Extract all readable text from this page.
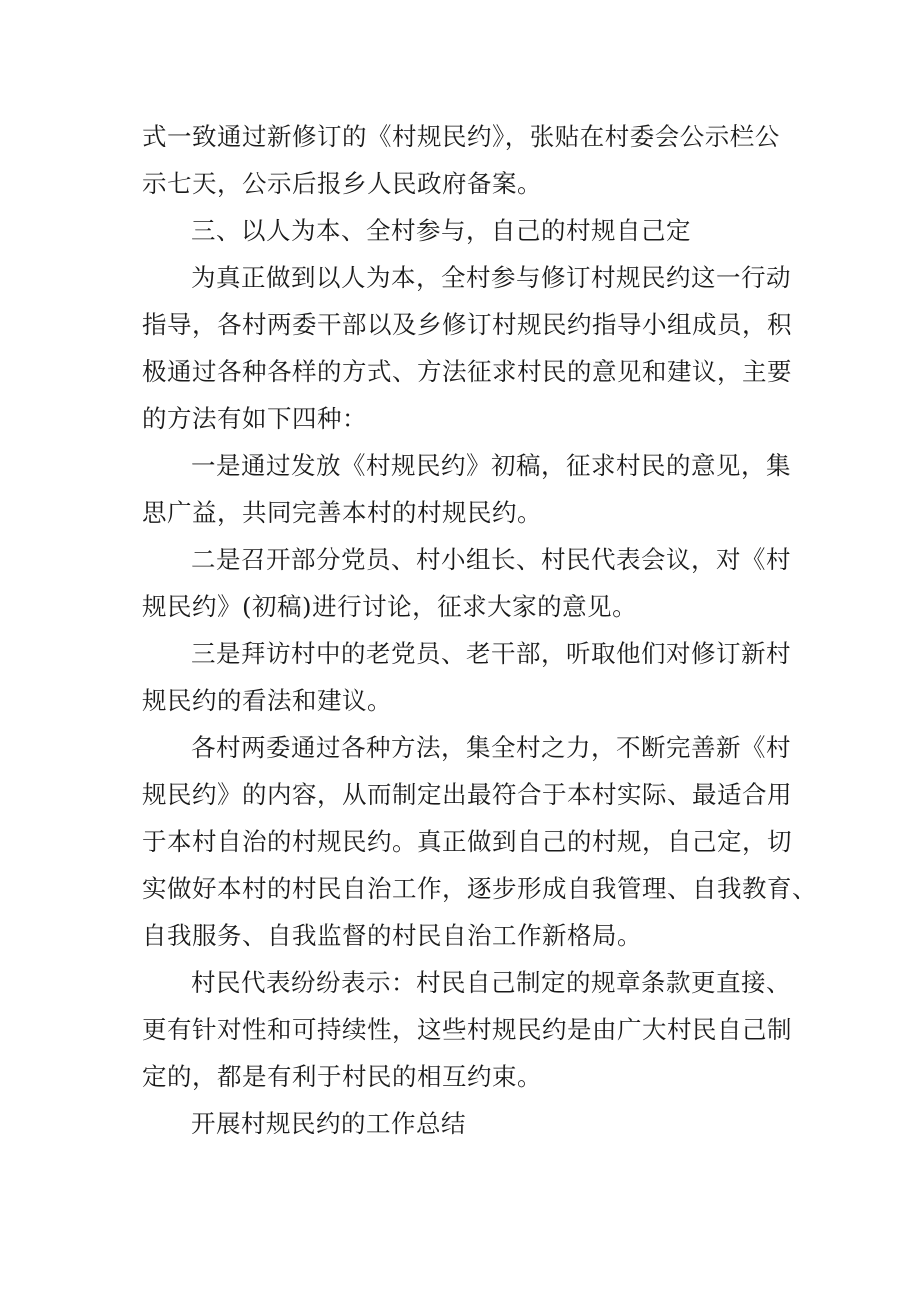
式一致通过新修订的《村规民约》，张贴在村委会公示栏公
示七天，公示后报乡人民政府备案。

三、以人为本、全村参与，自己的村规自己定

为真正做到以人为本，全村参与修订村规民约这一行动
指导，各村两委干部以及乡修订村规民约指导小组成员，积
极通过各种各样的方式、方法征求村民的意见和建议，主要
的方法有如下四种：

一是通过发放《村规民约》初稿，征求村民的意见，集
思广益，共同完善本村的村规民约。

二是召开部分党员、村小组长、村民代表会议，对《村
规民约》(初稿)进行讨论，征求大家的意见。

三是拜访村中的老党员、老干部，听取他们对修订新村
规民约的看法和建议。

各村两委通过各种方法，集全村之力，不断完善新《村
规民约》的内容，从而制定出最符合于本村实际、最适合用
于本村自治的村规民约。真正做到自己的村规，自己定，切
实做好本村的村民自治工作，逐步形成自我管理、自我教育、
自我服务、自我监督的村民自治工作新格局。

村民代表纷纷表示：村民自己制定的规章条款更直接、
更有针对性和可持续性，这些村规民约是由广大村民自己制
定的，都是有利于村民的相互约束。

开展村规民约的工作总结
